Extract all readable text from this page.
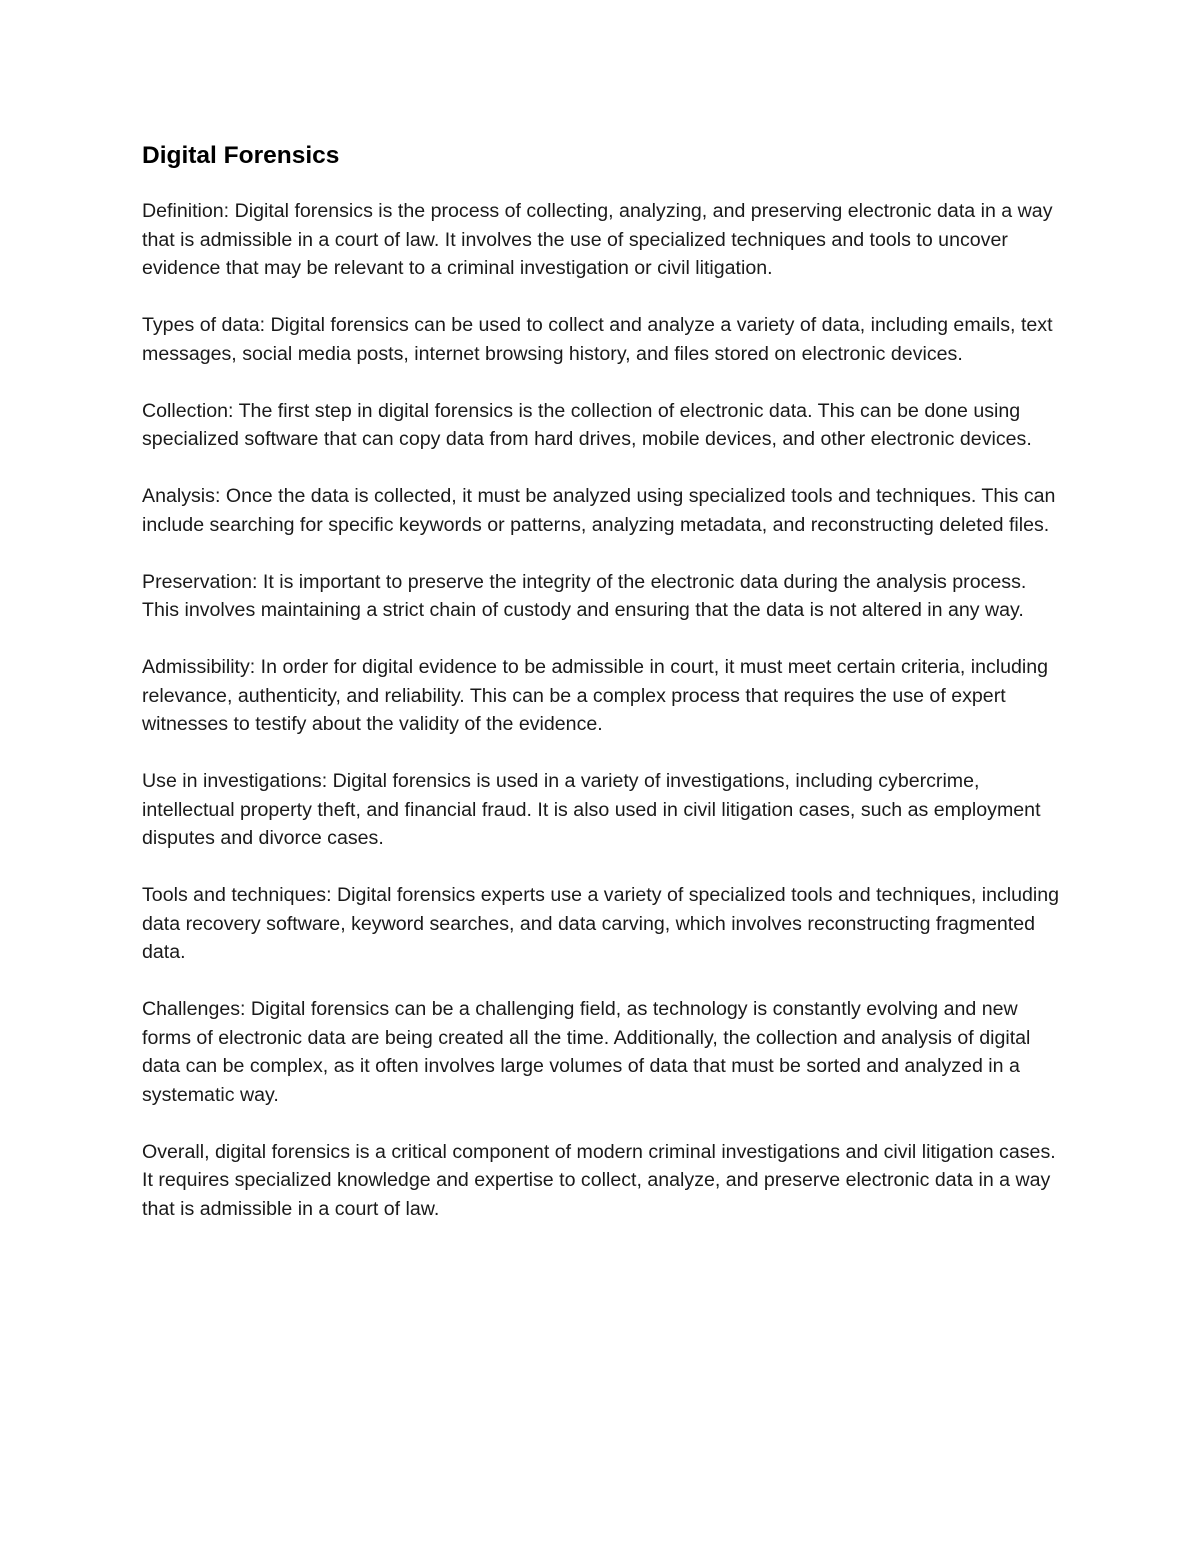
Digital Forensics

Definition: Digital forensics is the process of collecting, analyzing, and preserving electronic data in a way that is admissible in a court of law. It involves the use of specialized techniques and tools to uncover evidence that may be relevant to a criminal investigation or civil litigation.

Types of data: Digital forensics can be used to collect and analyze a variety of data, including emails, text messages, social media posts, internet browsing history, and files stored on electronic devices.

Collection: The first step in digital forensics is the collection of electronic data. This can be done using specialized software that can copy data from hard drives, mobile devices, and other electronic devices.

Analysis: Once the data is collected, it must be analyzed using specialized tools and techniques. This can include searching for specific keywords or patterns, analyzing metadata, and reconstructing deleted files.

Preservation: It is important to preserve the integrity of the electronic data during the analysis process. This involves maintaining a strict chain of custody and ensuring that the data is not altered in any way.

Admissibility: In order for digital evidence to be admissible in court, it must meet certain criteria, including relevance, authenticity, and reliability. This can be a complex process that requires the use of expert witnesses to testify about the validity of the evidence.

Use in investigations: Digital forensics is used in a variety of investigations, including cybercrime, intellectual property theft, and financial fraud. It is also used in civil litigation cases, such as employment disputes and divorce cases.

Tools and techniques: Digital forensics experts use a variety of specialized tools and techniques, including data recovery software, keyword searches, and data carving, which involves reconstructing fragmented data.

Challenges: Digital forensics can be a challenging field, as technology is constantly evolving and new forms of electronic data are being created all the time. Additionally, the collection and analysis of digital data can be complex, as it often involves large volumes of data that must be sorted and analyzed in a systematic way.

Overall, digital forensics is a critical component of modern criminal investigations and civil litigation cases. It requires specialized knowledge and expertise to collect, analyze, and preserve electronic data in a way that is admissible in a court of law.
